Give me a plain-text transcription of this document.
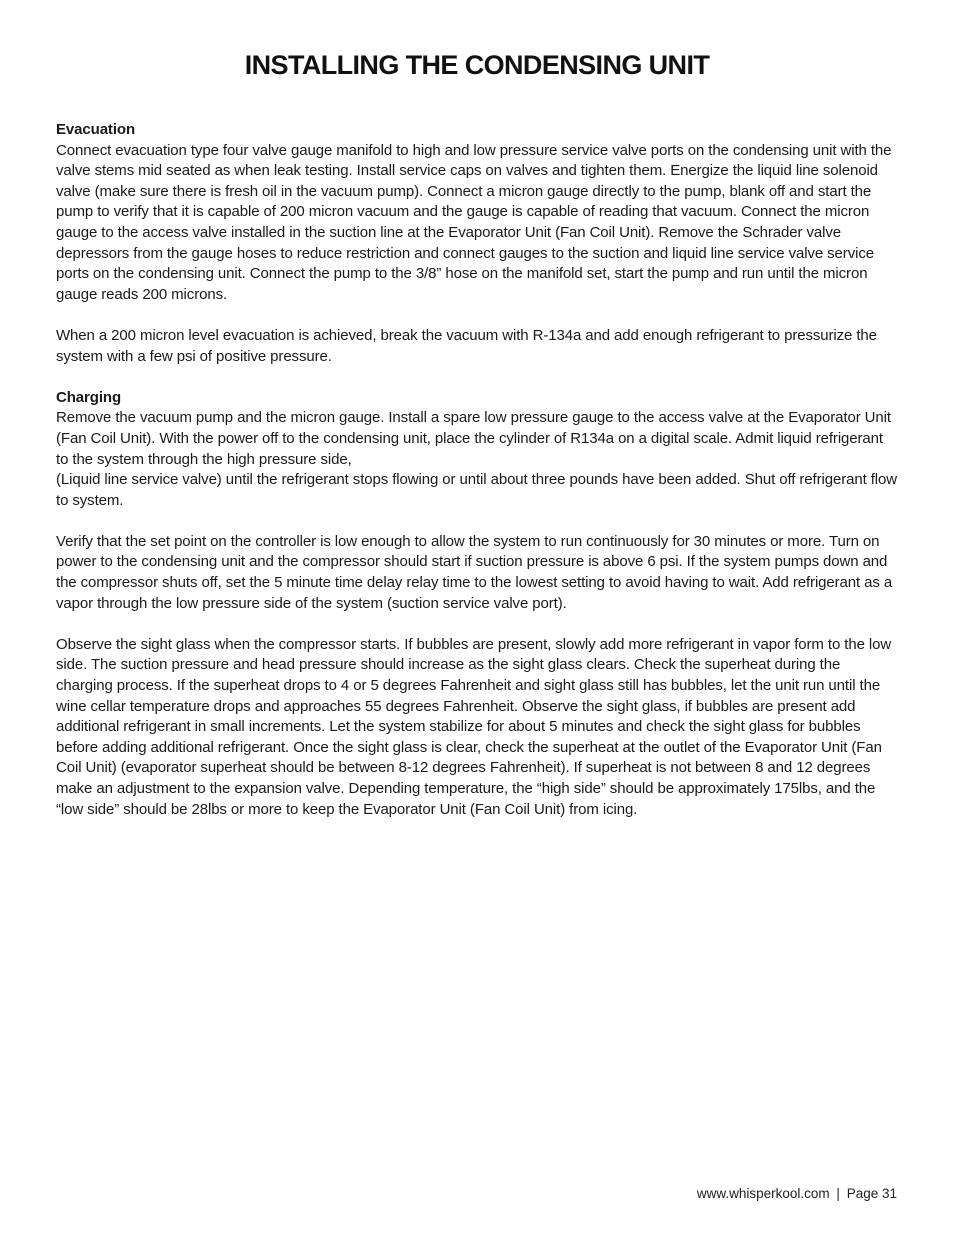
INSTALLING THE CONDENSING UNIT

Evacuation

Connect evacuation type four valve gauge manifold to high and low pressure service valve ports on the condensing unit with the valve stems mid seated as when leak testing. Install service caps on valves and tighten them. Energize the liquid line solenoid valve (make sure there is fresh oil in the vacuum pump). Connect a micron gauge directly to the pump, blank off and start the pump to verify that it is capable of 200 micron vacuum and the gauge is capable of reading that vacuum. Connect the micron gauge to the access valve installed in the suction line at the Evaporator Unit (Fan Coil Unit). Remove the Schrader valve depressors from the gauge hoses to reduce restriction and connect gauges to the suction and liquid line service valve service ports on the condensing unit. Connect the pump to the 3/8” hose on the manifold set, start the pump and run until the micron gauge reads 200 microns.

When a 200 micron level evacuation is achieved, break the vacuum with R-134a and add enough refrigerant to pressurize the system with a few psi of positive pressure.

Charging

Remove the vacuum pump and the micron gauge. Install a spare low pressure gauge to the access valve at the Evaporator Unit (Fan Coil Unit). With the power off to the condensing unit, place the cylinder of R134a on a digital scale. Admit liquid refrigerant to the system through the high pressure side,

(Liquid line service valve) until the refrigerant stops flowing or until about three pounds have been added. Shut off refrigerant flow to system.

Verify that the set point on the controller is low enough to allow the system to run continuously for 30 minutes or more. Turn on power to the condensing unit and the compressor should start if suction pressure is above 6 psi. If the system pumps down and the compressor shuts off, set the 5 minute time delay relay time to the lowest setting to avoid having to wait. Add refrigerant as a vapor through the low pressure side of the system (suction service valve port).

Observe the sight glass when the compressor starts. If bubbles are present, slowly add more refrigerant in vapor form to the low side. The suction pressure and head pressure should increase as the sight glass clears. Check the superheat during the charging process. If the superheat drops to 4 or 5 degrees Fahrenheit and sight glass still has bubbles, let the unit run until the wine cellar temperature drops and approaches 55 degrees Fahrenheit. Observe the sight glass, if bubbles are present add additional refrigerant in small increments. Let the system stabilize for about 5 minutes and check the sight glass for bubbles before adding additional refrigerant. Once the sight glass is clear, check the superheat at the outlet of the Evaporator Unit (Fan Coil Unit) (evaporator superheat should be between 8-12 degrees Fahrenheit). If superheat is not between 8 and 12 degrees make an adjustment to the expansion valve. Depending temperature, the “high side” should be approximately 175lbs, and the “low side” should be 28lbs or more to keep the Evaporator Unit (Fan Coil Unit) from icing.

www.whisperkool.com | Page 31
